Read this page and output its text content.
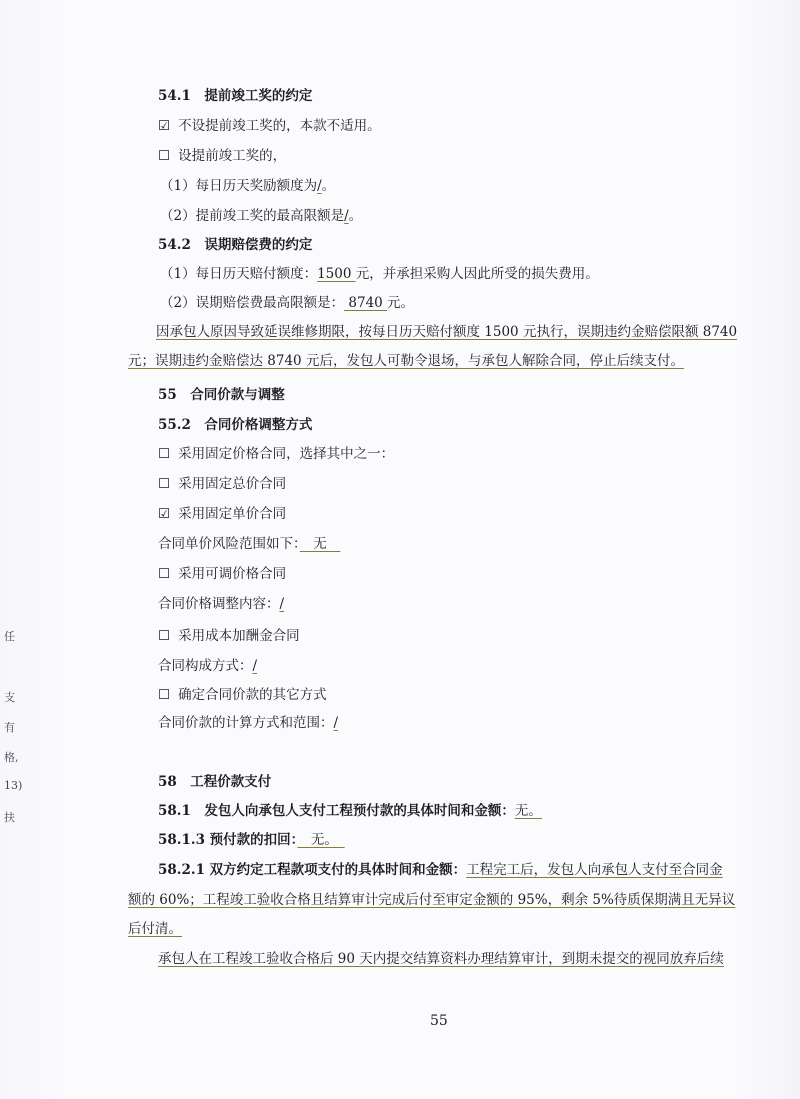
54.1　提前竣工奖的约定
☑ 不设提前竣工奖的，本款不适用。
☐ 设提前竣工奖的，
（1）每日历天奖励额度为/。
（2）提前竣工奖的最高限额是/。
54.2　误期赔偿费的约定
（1）每日历天赔付额度：1500 元，并承担采购人因此所受的损失费用。
（2）误期赔偿费最高限额是： 8740 元。
因承包人原因导致延误维修期限，按每日历天赔付额度 1500 元执行，误期违约金赔偿限额 8740
元；误期违约金赔偿达 8740 元后，发包人可勒令退场，与承包人解除合同，停止后续支付。
55　合同价款与调整
55.2　合同价格调整方式
☐ 采用固定价格合同，选择其中之一：
☐ 采用固定总价合同
☑ 采用固定单价合同
合同单价风险范围如下：　无　
☐ 采用可调价格合同
合同价格调整内容：/
☐ 采用成本加酬金合同
合同构成方式：/
☐ 确定合同价款的其它方式
合同价款的计算方式和范围：/
58　工程价款支付
58.1　发包人向承包人支付工程预付款的具体时间和金额：无。
58.1.3 预付款的扣回：　无。　
58.2.1 双方约定工程款项支付的具体时间和金额：工程完工后，发包人向承包人支付至合同金
额的 60%；工程竣工验收合格且结算审计完成后付至审定金额的 95%，剩余 5%待质保期满且无异议
后付清。
承包人在工程竣工验收合格后 90 天内提交结算资料办理结算审计，到期未提交的视同放弃后续
任
支
有
格,
13)
扶
55
